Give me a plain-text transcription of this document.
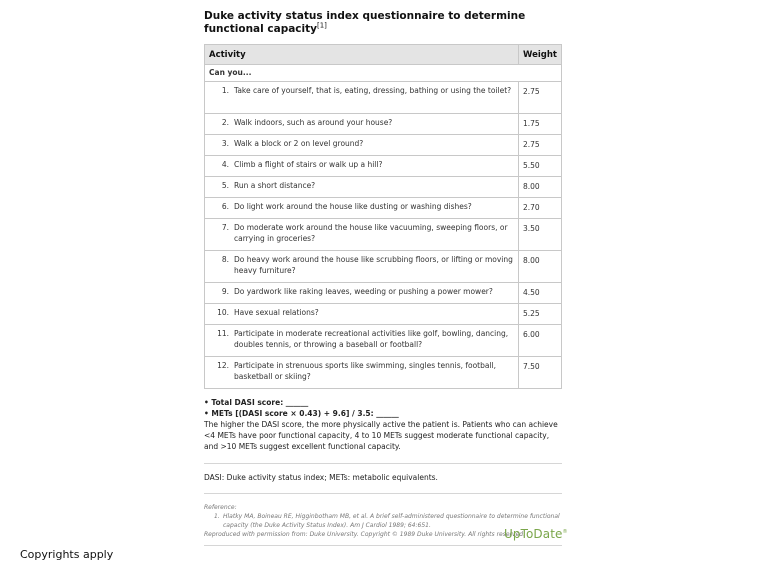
Duke activity status index questionnaire to determine functional capacity[1]
Activity	Weight
Can you...	

1. Take care of yourself, that is, eating, dressing, bathing or using the toilet?	2.75

2. Walk indoors, such as around your house?	1.75

3. Walk a block or 2 on level ground?	2.75

4. Climb a flight of stairs or walk up a hill?	5.50

5. Run a short distance?	8.00

6. Do light work around the house like dusting or washing dishes?	2.70

7. Do moderate work around the house like vacuuming, sweeping floors, or carrying in groceries?	3.50

8. Do heavy work around the house like scrubbing floors, or lifting or moving heavy furniture?	8.00

9. Do yardwork like raking leaves, weeding or pushing a power mower?	4.50

10. Have sexual relations?	5.25

11. Participate in moderate recreational activities like golf, bowling, dancing, doubles tennis, or throwing a baseball or football?	6.00

12. Participate in strenuous sports like swimming, singles tennis, football, basketball or skiing?	7.50
• Total DASI score: ______
• METs [(DASI score × 0.43) + 9.6] / 3.5: ______
The higher the DASI score, the more physically active the patient is. Patients who can achieve <4 METs have poor functional capacity, 4 to 10 METs suggest moderate functional capacity, and >10 METs suggest excellent functional capacity.
DASI: Duke activity status index; METs: metabolic equivalents.
Reference:
1. Hlatky MA, Boineau RE, Higginbotham MB, et al. A brief self-administered questionnaire to determine functional capacity (the Duke Activity Status Index). Am J Cardiol 1989; 64:651.
Reproduced with permission from: Duke University. Copyright © 1989 Duke University. All rights reserved.
UpToDate®
Copyrights apply
